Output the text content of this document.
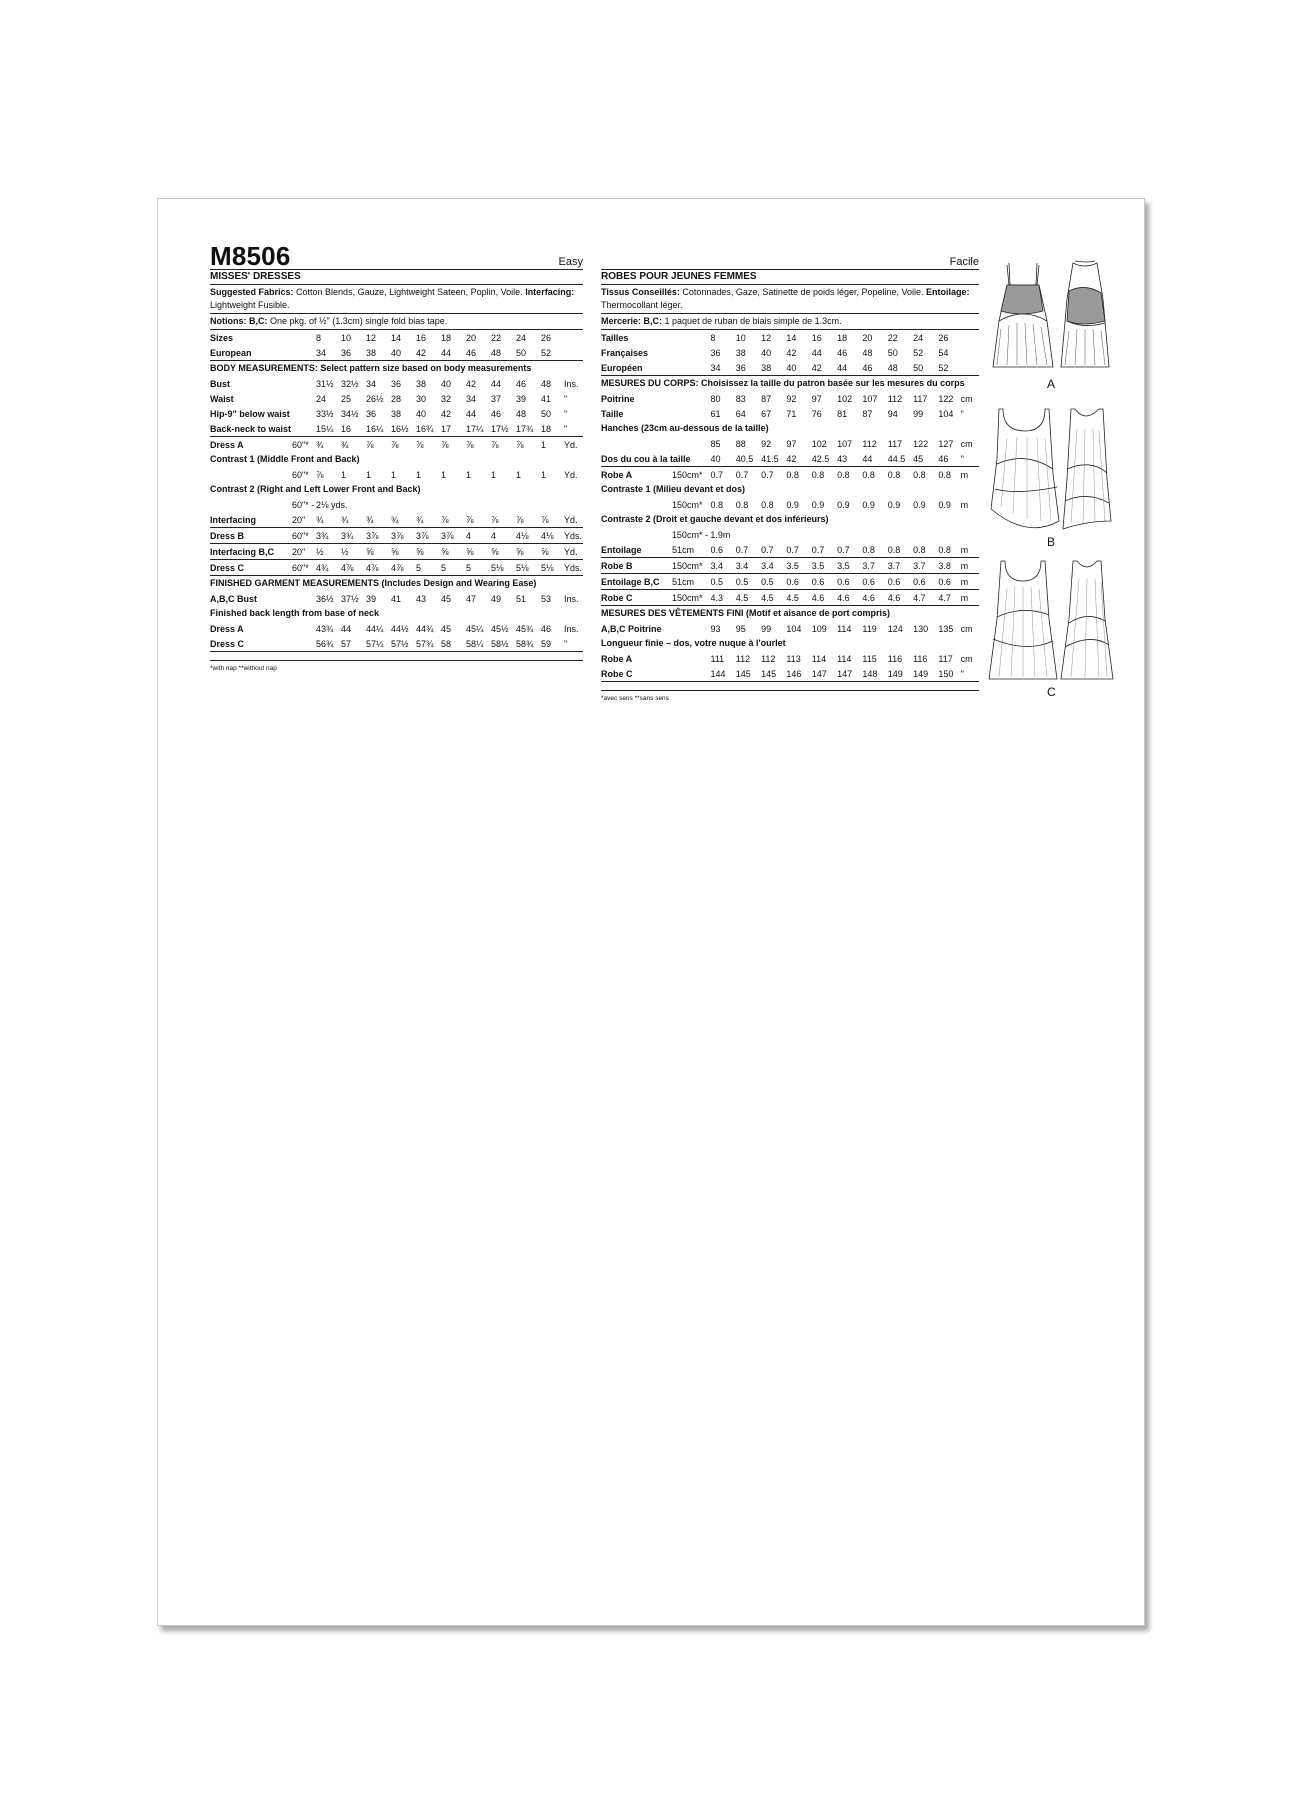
M8506	Easy
MISSES' DRESSES
Suggested Fabrics: Cotton Blends, Gauze, Lightweight Sateen, Poplin, Voile. Interfacing: Lightweight Fusible.
Notions: B,C: One pkg. of ½" (1.3cm) single fold bias tape.
Sizes		8	10	12	14	16	18	20	22	24	26	
European		34	36	38	40	42	44	46	48	50	52	
BODY MEASUREMENTS: Select pattern size based on body measurements
Bust		31½	32½	34	36	38	40	42	44	46	48	Ins.
Waist		24	25	26½	28	30	32	34	37	39	41	"
Hip-9" below waist		33½	34½	36	38	40	42	44	46	48	50	"
Back-neck to waist		15¼	16	16¼	16½	16¾	17	17¼	17½	17¾	18	"
Dress A	60"*	¾	¾	⅞	⅞	⅞	⅞	⅞	⅞	⅞	1	Yd.
Contrast 1 (Middle Front and Back)
	60"*	⅞	1	1	1	1	1	1	1	1	1	Yd.
Contrast 2 (Right and Left Lower Front and Back)
	60"* -	2⅛ yds.
Interfacing	20"	¾	¾	¾	¾	¾	⅞	⅞	⅞	⅞	⅞	Yd.
Dress B	60"*	3¾	3¾	3⅞	3⅞	3⅞	3⅞	4	4	4⅛	4⅛	Yds.
Interfacing B,C	20"	½	½	⅝	⅝	⅝	⅝	⅝	⅝	⅝	⅝	Yd.
Dress C	60"*	4¾	4⅞	4⅞	4⅞	5	5	5	5⅛	5⅛	5⅛	Yds.
FINISHED GARMENT MEASUREMENTS (Includes Design and Wearing Ease)
A,B,C Bust		36½	37½	39	41	43	45	47	49	51	53	Ins.
Finished back length from base of neck
Dress A		43¾	44	44¼	44½	44¾	45	45¼	45½	45¾	46	Ins.
Dress C		56¾	57	57¼	57½	57¾	58	58¼	58½	58¾	59	"
*with nap **without nap
Facile
ROBES POUR JEUNES FEMMES
Tissus Conseillés: Cotonnades, Gaze, Satinette de poids léger, Popeline, Voile. Entoilage: Thermocollant léger.
Mercerie: B,C: 1 paquet de ruban de biais simple de 1.3cm.
Tailles		8	10	12	14	16	18	20	22	24	26	
Françaises		36	38	40	42	44	46	48	50	52	54	
Européen		34	36	38	40	42	44	46	48	50	52	
MESURES DU CORPS: Choisissez la taille du patron basée sur les mesures du corps
Poitrine		80	83	87	92	97	102	107	112	117	122	cm
Taille		61	64	67	71	76	81	87	94	99	104	"
Hanches (23cm au-dessous de la taille)
		85	88	92	97	102	107	112	117	122	127	cm
Dos du cou à la taille		40	40.5	41.5	42	42.5	43	44	44.5	45	46	"
Robe A	150cm*	0.7	0.7	0.7	0.8	0.8	0.8	0.8	0.8	0.8	0.8	m
Contraste 1 (Milieu devant et dos)
	150cm*	0.8	0.8	0.8	0.9	0.9	0.9	0.9	0.9	0.9	0.9	m
Contraste 2 (Droit et gauche devant et dos inférieurs)
	150cm* -	1.9m
Entoilage	51cm	0.6	0.7	0.7	0.7	0.7	0.7	0.8	0.8	0.8	0.8	m
Robe B	150cm*	3.4	3.4	3.4	3.5	3.5	3.5	3.7	3.7	3.7	3.8	m
Entoilage B,C	51cm	0.5	0.5	0.5	0.6	0.6	0.6	0.6	0.6	0.6	0.6	m
Robe C	150cm*	4.3	4.5	4.5	4.5	4.6	4.6	4.6	4.6	4.7	4.7	m
MESURES DES VÊTEMENTS FINI (Motif et aisance de port compris)
A,B,C Poitrine		93	95	99	104	109	114	119	124	130	135	cm
Longueur finie – dos, votre nuque à l'ourlet
Robe A		111	112	112	113	114	114	115	116	116	117	cm
Robe C		144	145	145	146	147	147	148	149	149	150	"
*avec sens **sans sens
A
B
C
